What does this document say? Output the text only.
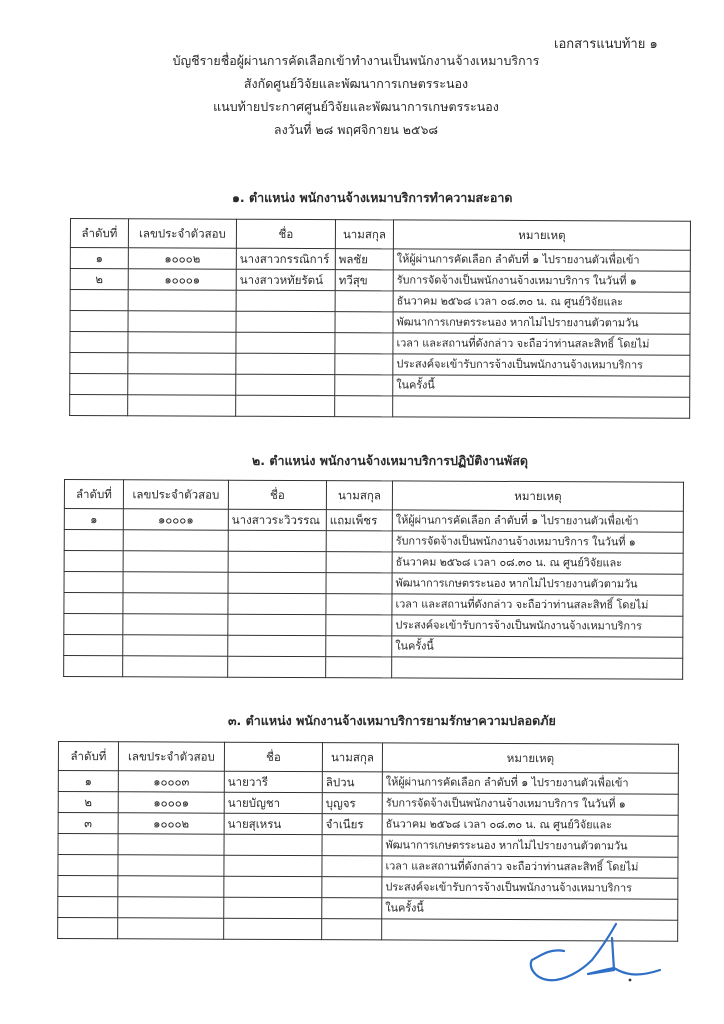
เอกสารแนบท้าย ๑
บัญชีรายชื่อผู้ผ่านการคัดเลือกเข้าทำงานเป็นพนักงานจ้างเหมาบริการ
สังกัดศูนย์วิจัยและพัฒนาการเกษตรระนอง
แนบท้ายประกาศศูนย์วิจัยและพัฒนาการเกษตรระนอง
ลงวันที่ ๒๘ พฤศจิกายน ๒๕๖๘
๑. ตำแหน่ง พนักงานจ้างเหมาบริการทำความสะอาด
ลำดับที่	เลขประจำตัวสอบ	ชื่อ	นามสกุล	หมายเหตุ
๑	๑๐๐๐๒	นางสาวกรรณิการ์	พลชัย	ให้ผู้ผ่านการคัดเลือก ลำดับที่ ๑ ไปรายงานตัวเพื่อเข้า
๒	๑๐๐๐๑	นางสาวหทัยรัตน์	ทวีสุข	รับการจัดจ้างเป็นพนักงานจ้างเหมาบริการ ในวันที่ ๑
				ธันวาคม ๒๕๖๘ เวลา ๐๘.๓๐ น. ณ ศูนย์วิจัยและ
				พัฒนาการเกษตรระนอง หากไม่ไปรายงานตัวตามวัน
				เวลา และสถานที่ดังกล่าว จะถือว่าท่านสละสิทธิ์ โดยไม่
				ประสงค์จะเข้ารับการจ้างเป็นพนักงานจ้างเหมาบริการ
				ในครั้งนี้

๒. ตำแหน่ง พนักงานจ้างเหมาบริการปฏิบัติงานพัสดุ
ลำดับที่	เลขประจำตัวสอบ	ชื่อ	นามสกุล	หมายเหตุ
๑	๑๐๐๐๑	นางสาวระวิวรรณ	แถมเพ็ชร	ให้ผู้ผ่านการคัดเลือก ลำดับที่ ๑ ไปรายงานตัวเพื่อเข้า
				รับการจัดจ้างเป็นพนักงานจ้างเหมาบริการ ในวันที่ ๑
				ธันวาคม ๒๕๖๘ เวลา ๐๘.๓๐ น. ณ ศูนย์วิจัยและ
				พัฒนาการเกษตรระนอง หากไม่ไปรายงานตัวตามวัน
				เวลา และสถานที่ดังกล่าว จะถือว่าท่านสละสิทธิ์ โดยไม่
				ประสงค์จะเข้ารับการจ้างเป็นพนักงานจ้างเหมาบริการ
				ในครั้งนี้

๓. ตำแหน่ง พนักงานจ้างเหมาบริการยามรักษาความปลอดภัย
ลำดับที่	เลขประจำตัวสอบ	ชื่อ	นามสกุล	หมายเหตุ
๑	๑๐๐๐๓	นายวารี	ลิปวน	ให้ผู้ผ่านการคัดเลือก ลำดับที่ ๑ ไปรายงานตัวเพื่อเข้า
๒	๑๐๐๐๑	นายบัญชา	บุญจร	รับการจัดจ้างเป็นพนักงานจ้างเหมาบริการ ในวันที่ ๑
๓	๑๐๐๐๒	นายสุเหรน	จำเนียร	ธันวาคม ๒๕๖๘ เวลา ๐๘.๓๐ น. ณ ศูนย์วิจัยและ
				พัฒนาการเกษตรระนอง หากไม่ไปรายงานตัวตามวัน
				เวลา และสถานที่ดังกล่าว จะถือว่าท่านสละสิทธิ์ โดยไม่
				ประสงค์จะเข้ารับการจ้างเป็นพนักงานจ้างเหมาบริการ
				ในครั้งนี้
